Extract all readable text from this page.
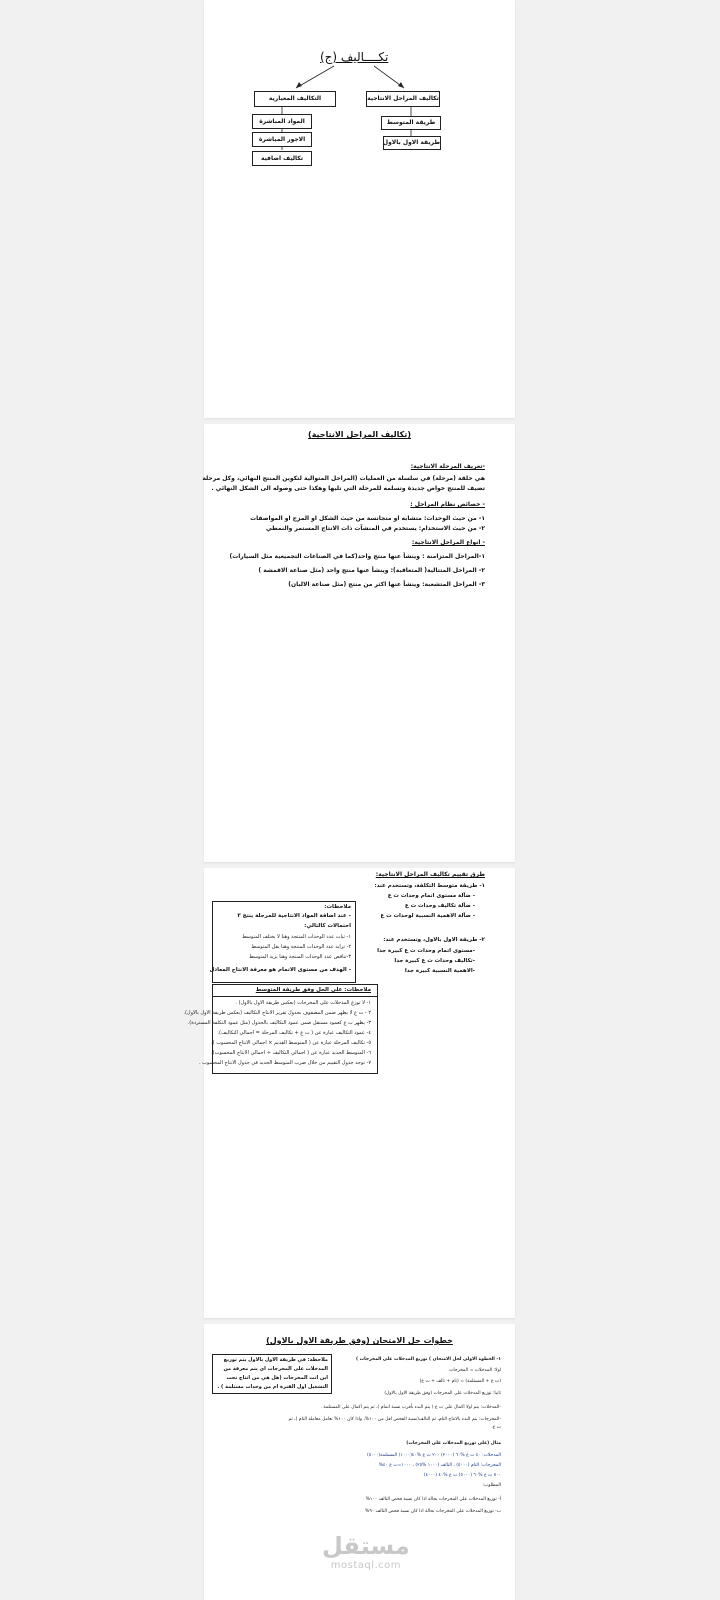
تكــــاليف (ج)
تكاليف المراحل الانتاجية
التكاليف المعيارية
طريقة المتوسط
طريقة الاول بالاول
المواد المباشرة
الاجور المباشرة
تكاليف اضافية
(تكاليف المراحل الانتاجية)
-تعريف المرحلة الانتاجية:
هي حلقة (مرحلة) في سلسلة من العمليات (المراحل المتوالية لتكوين المنتج النهائي، وكل مرحلة
تضيف للمنتج خواص جديدة وتسلمه للمرحلة التي تليها وهكذا حتى وصوله الى الشكل النهائي .
- خصائص نظام المراحل :
١- من حيث الوحدات: متشابه او متجانسة من حيث الشكل او المزج او المواصفات
٢- من حيث الاستخدام: يستخدم في المنشآت ذات الانتاج المستمر والنمطي
- انواع المراحل الانتاجية:
١-المراحل المتزامنة : وينشأ عنها منتج واحد(كما في الصناعات التجميعية مثل السيارات)
٢- المراحل المتتالية( المتعاقبة): وينشأ عنها منتج واحد (مثل صناعة الاقمشة )
٣- المراحل المتشعبة: وينشأ عنها اكثر من منتج (مثل صناعة الالبان)
طرق تقييم تكاليف المراحل الانتاجية:
١- طريقة متوسط التكلفة، وتستخدم عند:
- ضآلة مستوى اتمام وحدات ت ع
- ضآلة تكاليف وحدات ت ع
- ضآلة الاهمية النسبية لوحدات ت ع
٢- طريقة الاول بالاول، وتستخدم عند:
-مستوى اتمام وحدات ت ع كبيرة جدا
-تكاليف وحدات ت ع كبيرة جدا
-الاهمية النسبية كبيرة جدا
ملاحظات:
- عند اضافة المواد الانتاجية للمرحلة ينتج ٣
احتمالات كالتالي:
١- ثبات عدد الوحدات المنتجة وهنا لا يختلف المتوسط
٢- تزايد عدد الوحدات المنتجة وهنا يقل المتوسط
٣-تناقص عدد الوحدات المنتجة وهنا يزيد المتوسط
- الهدف من مستوى الاتمام هو معرفة الانتاج المعادل
ملاحظات: على الحل وفق طريقة المتوسط
١- لا توزع المدخلات على المخرجات (بعكس طريقة الاول بالاول) .
٢ - ت ع لا يظهر ضمن المصفوف بجدول تقرير الانتاج التكاليف (بعكس طريقة الاول بالاول).
٣- يظهر ت ع كعمود مستقل ضمن عمود التكاليف بالجدول (مثل عمود التكلفة المستردة).
٤- عمود التكاليف عبارة عن ( ت ع + تكاليف المرحلة = اجمالي التكاليف).
٥- تكاليف المرحلة عبارة عن ( المتوسط القديم × اجمالي الانتاج المحسوب ).
٦- المتوسط الجديد عبارة عن ( اجمالي التكاليف ÷ اجمالي الانتاج المحسوب).
٧- توجد جدول التقييم من خلال ضرب المتوسط الجديد في جدول الانتاج المحسوب .
خطوات حل الامتحان (وفق طريقة الاول بالاول)
ملاحظة: في طريقة الاول بالاول يتم توزيع
المدخلات على المخرجات اي يتم معرفة من
اين اتت المخرجات (هل هي من انتاج تحت
التشغيل اول الفترة ام من وحدات مستلمة ) .
١- الخطوة الاولى لحل الامتحان ) توزيع المدخلات على المخرجات )
اولا: المدخلات = المخرجات
(ت ع + المستلمة) = (تام + تالف + ت ع)
ثانيا: توزيع المدخلات على المخرجات (وفق طريقة الاول بالاول)
-المدخلات: يتم اولا اكمال على ت ع ( يتم البدء بأقرب نسبة اتمام )، ثم يتم اكمال على المستلمة .
-المخرجات: يتم البدء بالانتاج التام، ثم التالف(نسبة الفحص اقل من ١٠٠%، واذا كان ١٠٠% تعامل معاملة التام )، ثم
ت ع.
مثال (على توزيع المدخلات على المخرجات)
المدخلات: ٤٠ ت ع %٦٠ (٢٠٠٠) ٢٠٠ ت ع %٤٠(١٠٠٠) المستلمة(٥٠٠٠)
المخرجات: التام (٥٠٠٠) ، التالف (١٠٠٠ %٢٥) ، ١٠٠٠=ت ع ٤٠%
٥٠٠ ت ع %٦٠ (٥٠٠٠) ت ع %٤٠ (٤٠٠٠)
المطلوب:
أ- توزيع المدخلات على المخرجات بحالة اذا كان نسبة فحص التالف ١٠٠%
ب- توزيع المدخلات على المخرجات بحالة اذا كان نسبة فحص التالف ٩٠%
مستقل
mostaql.com
